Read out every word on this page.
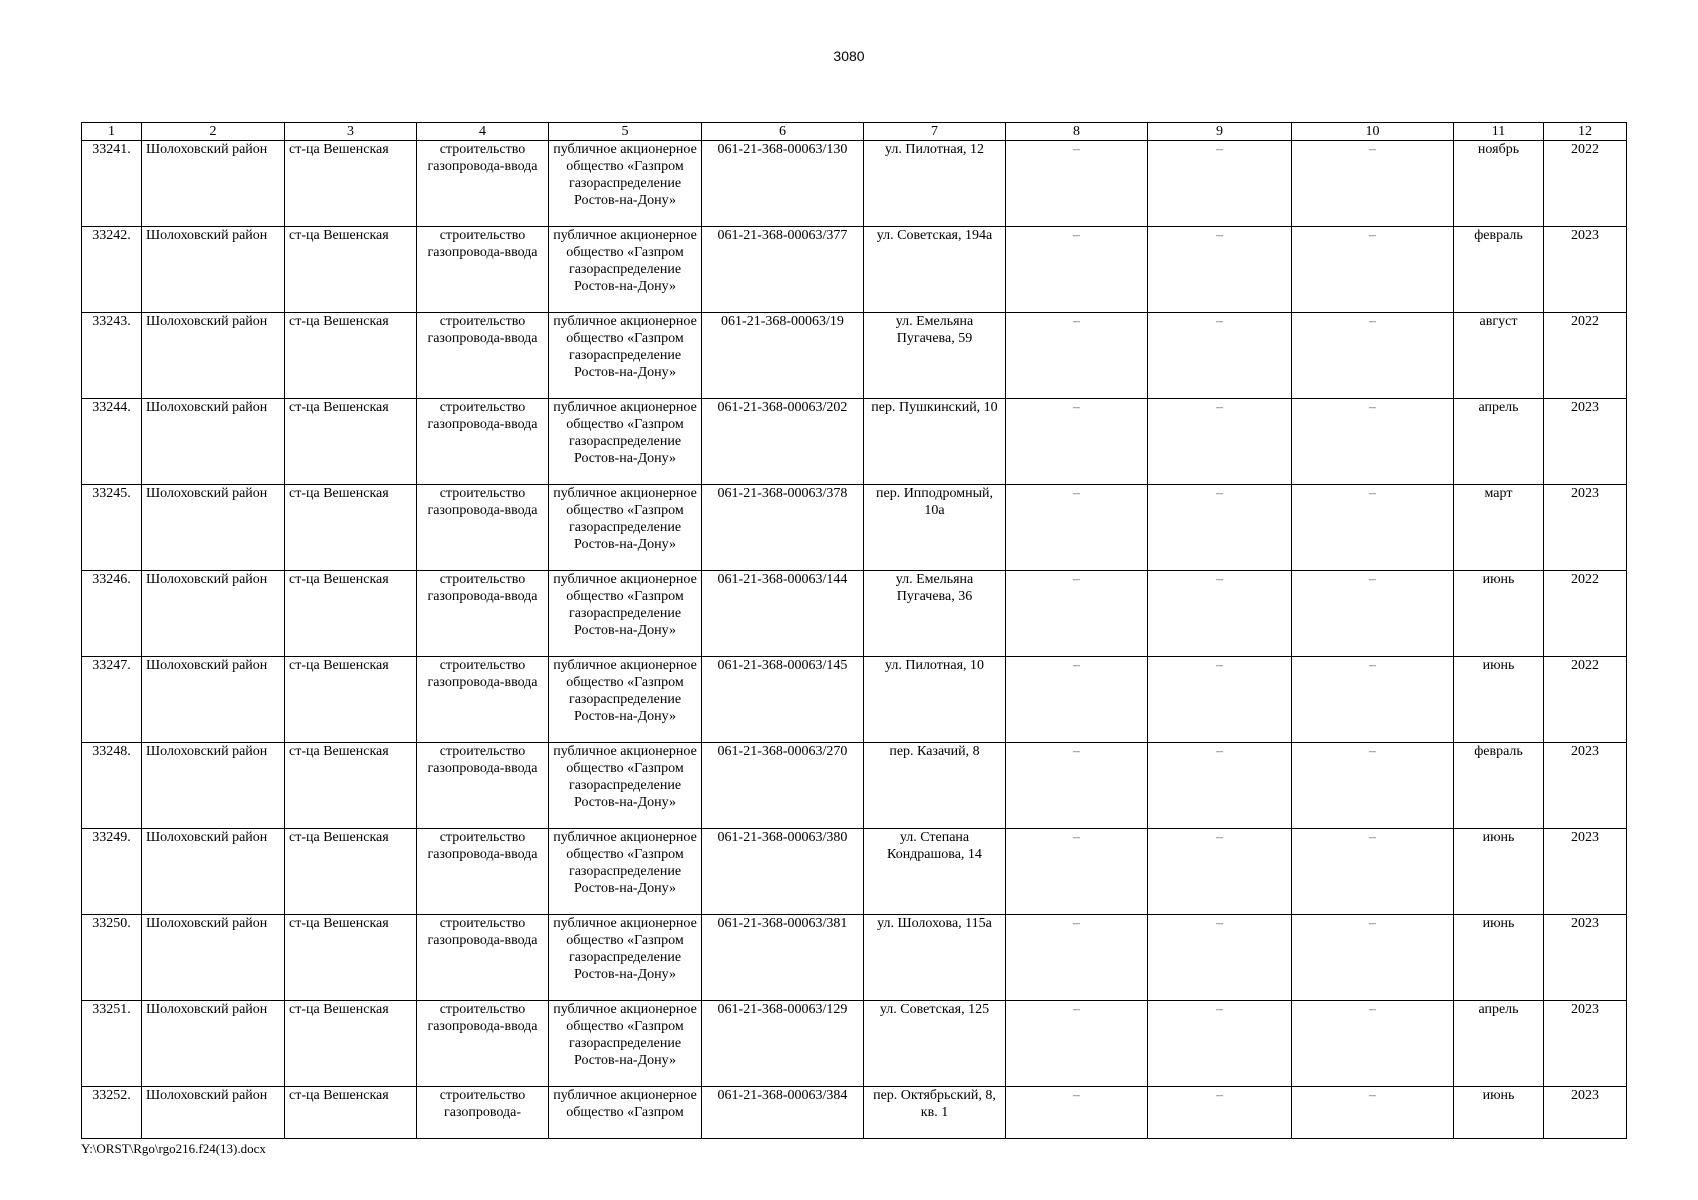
3080
1	2	3	4	5	6	7	8	9	10	11	12
33241.	Шолоховский район	ст-ца Вешенская	строительство газопровода-ввода	публичное акционерное общество «Газпром газораспределение Ростов-на-Дону»	061-21-368-00063/130	ул. Пилотная, 12	–	–	–	ноябрь	2022
33242.	Шолоховский район	ст-ца Вешенская	строительство газопровода-ввода	публичное акционерное общество «Газпром газораспределение Ростов-на-Дону»	061-21-368-00063/377	ул. Советская, 194а	–	–	–	февраль	2023
33243.	Шолоховский район	ст-ца Вешенская	строительство газопровода-ввода	публичное акционерное общество «Газпром газораспределение Ростов-на-Дону»	061-21-368-00063/19	ул. Емельяна Пугачева, 59	–	–	–	август	2022
33244.	Шолоховский район	ст-ца Вешенская	строительство газопровода-ввода	публичное акционерное общество «Газпром газораспределение Ростов-на-Дону»	061-21-368-00063/202	пер. Пушкинский, 10	–	–	–	апрель	2023
33245.	Шолоховский район	ст-ца Вешенская	строительство газопровода-ввода	публичное акционерное общество «Газпром газораспределение Ростов-на-Дону»	061-21-368-00063/378	пер. Ипподромный, 10а	–	–	–	март	2023
33246.	Шолоховский район	ст-ца Вешенская	строительство газопровода-ввода	публичное акционерное общество «Газпром газораспределение Ростов-на-Дону»	061-21-368-00063/144	ул. Емельяна Пугачева, 36	–	–	–	июнь	2022
33247.	Шолоховский район	ст-ца Вешенская	строительство газопровода-ввода	публичное акционерное общество «Газпром газораспределение Ростов-на-Дону»	061-21-368-00063/145	ул. Пилотная, 10	–	–	–	июнь	2022
33248.	Шолоховский район	ст-ца Вешенская	строительство газопровода-ввода	публичное акционерное общество «Газпром газораспределение Ростов-на-Дону»	061-21-368-00063/270	пер. Казачий, 8	–	–	–	февраль	2023
33249.	Шолоховский район	ст-ца Вешенская	строительство газопровода-ввода	публичное акционерное общество «Газпром газораспределение Ростов-на-Дону»	061-21-368-00063/380	ул. Степана Кондрашова, 14	–	–	–	июнь	2023
33250.	Шолоховский район	ст-ца Вешенская	строительство газопровода-ввода	публичное акционерное общество «Газпром газораспределение Ростов-на-Дону»	061-21-368-00063/381	ул. Шолохова, 115а	–	–	–	июнь	2023
33251.	Шолоховский район	ст-ца Вешенская	строительство газопровода-ввода	публичное акционерное общество «Газпром газораспределение Ростов-на-Дону»	061-21-368-00063/129	ул. Советская, 125	–	–	–	апрель	2023
33252.	Шолоховский район	ст-ца Вешенская	строительство газопровода-	публичное акционерное общество «Газпром	061-21-368-00063/384	пер. Октябрьский, 8, кв. 1	–	–	–	июнь	2023
Y:\ORST\Rgo\rgo216.f24(13).docx
